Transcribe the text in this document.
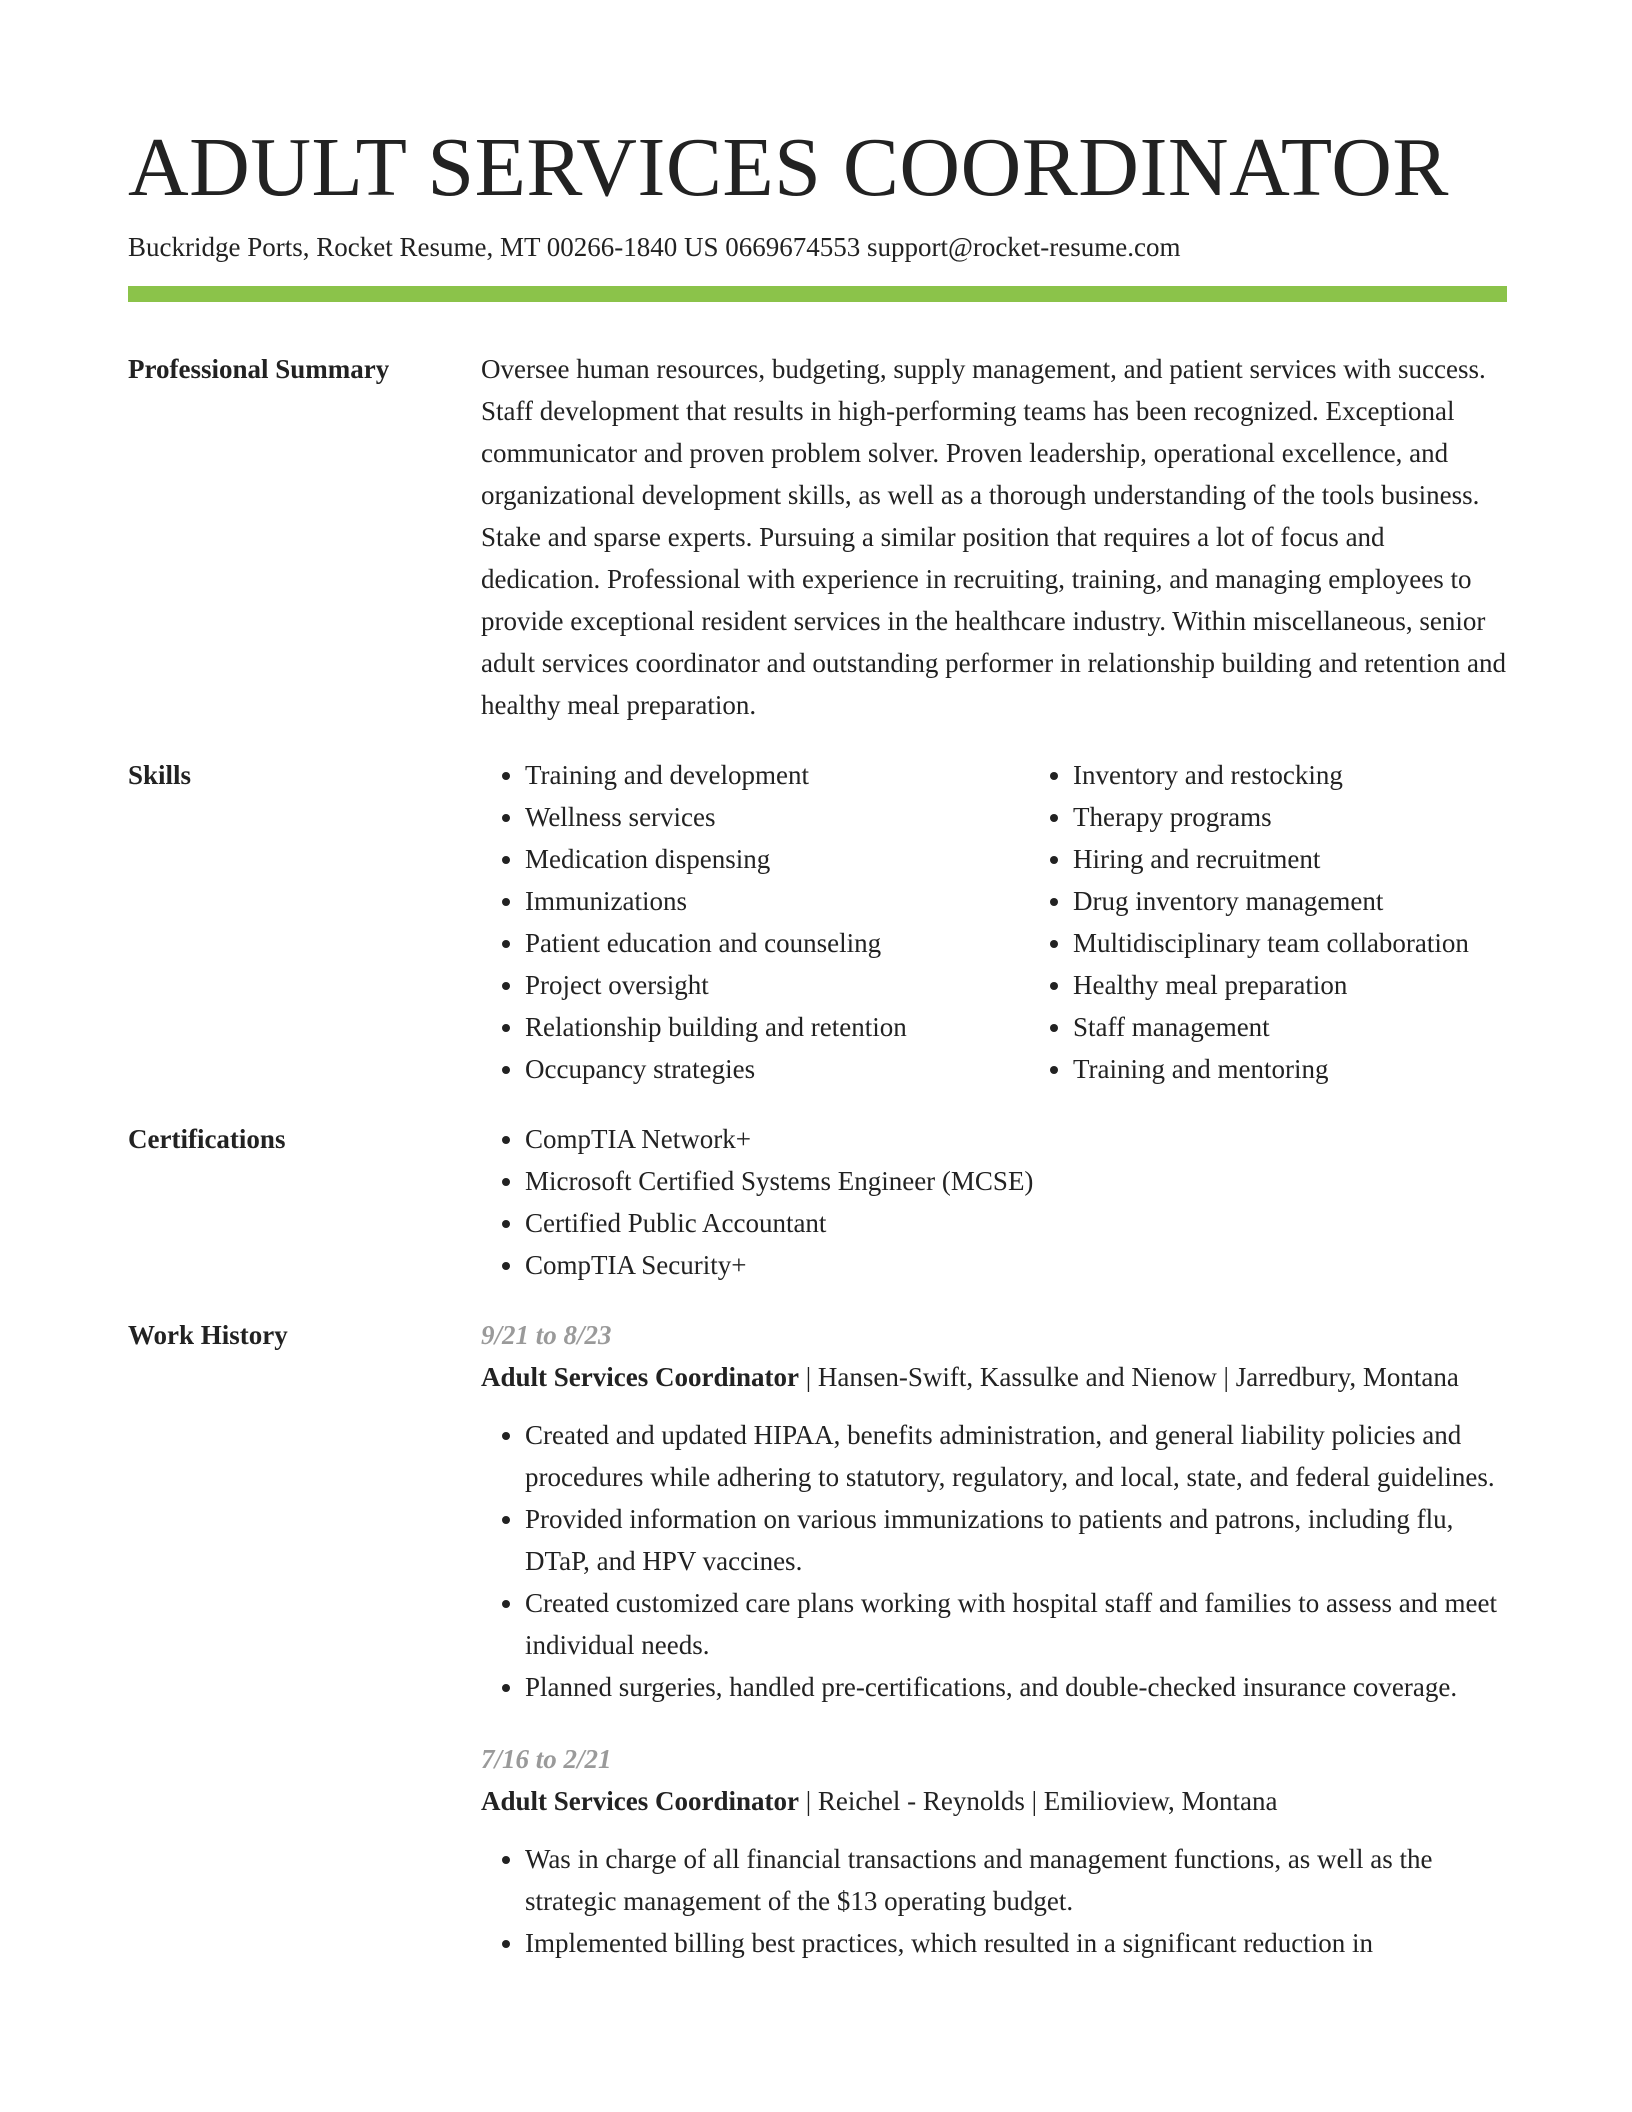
ADULT SERVICES COORDINATOR
Buckridge Ports, Rocket Resume, MT 00266-1840 US 0669674553 support@rocket-resume.com
Professional Summary	Oversee human resources, budgeting, supply management, and patient services with success. Staff development that results in high-performing teams has been recognized. Exceptional communicator and proven problem solver. Proven leadership, operational excellence, and organizational development skills, as well as a thorough understanding of the tools business. Stake and sparse experts. Pursuing a similar position that requires a lot of focus and dedication. Professional with experience in recruiting, training, and managing employees to provide exceptional resident services in the healthcare industry. Within miscellaneous, senior adult services coordinator and outstanding performer in relationship building and retention and healthy meal preparation.

Skills	• Training and development
• Wellness services
• Medication dispensing
• Immunizations
• Patient education and counseling
• Project oversight
• Relationship building and retention
• Occupancy strategies
• Inventory and restocking
• Therapy programs
• Hiring and recruitment
• Drug inventory management
• Multidisciplinary team collaboration
• Healthy meal preparation
• Staff management
• Training and mentoring
Certifications	• CompTIA Network+
• Microsoft Certified Systems Engineer (MCSE)
• Certified Public Accountant
• CompTIA Security+
Work History	9/21 to 8/23
Adult Services Coordinator | Hansen-Swift, Kassulke and Nienow | Jarredbury, Montana
• Created and updated HIPAA, benefits administration, and general liability policies and procedures while adhering to statutory, regulatory, and local, state, and federal guidelines.
• Provided information on various immunizations to patients and patrons, including flu, DTaP, and HPV vaccines.
• Created customized care plans working with hospital staff and families to assess and meet individual needs.
• Planned surgeries, handled pre-certifications, and double-checked insurance coverage.
7/16 to 2/21
Adult Services Coordinator | Reichel - Reynolds | Emilioview, Montana
• Was in charge of all financial transactions and management functions, as well as the strategic management of the $13 operating budget.
• Implemented billing best practices, which resulted in a significant reduction in
